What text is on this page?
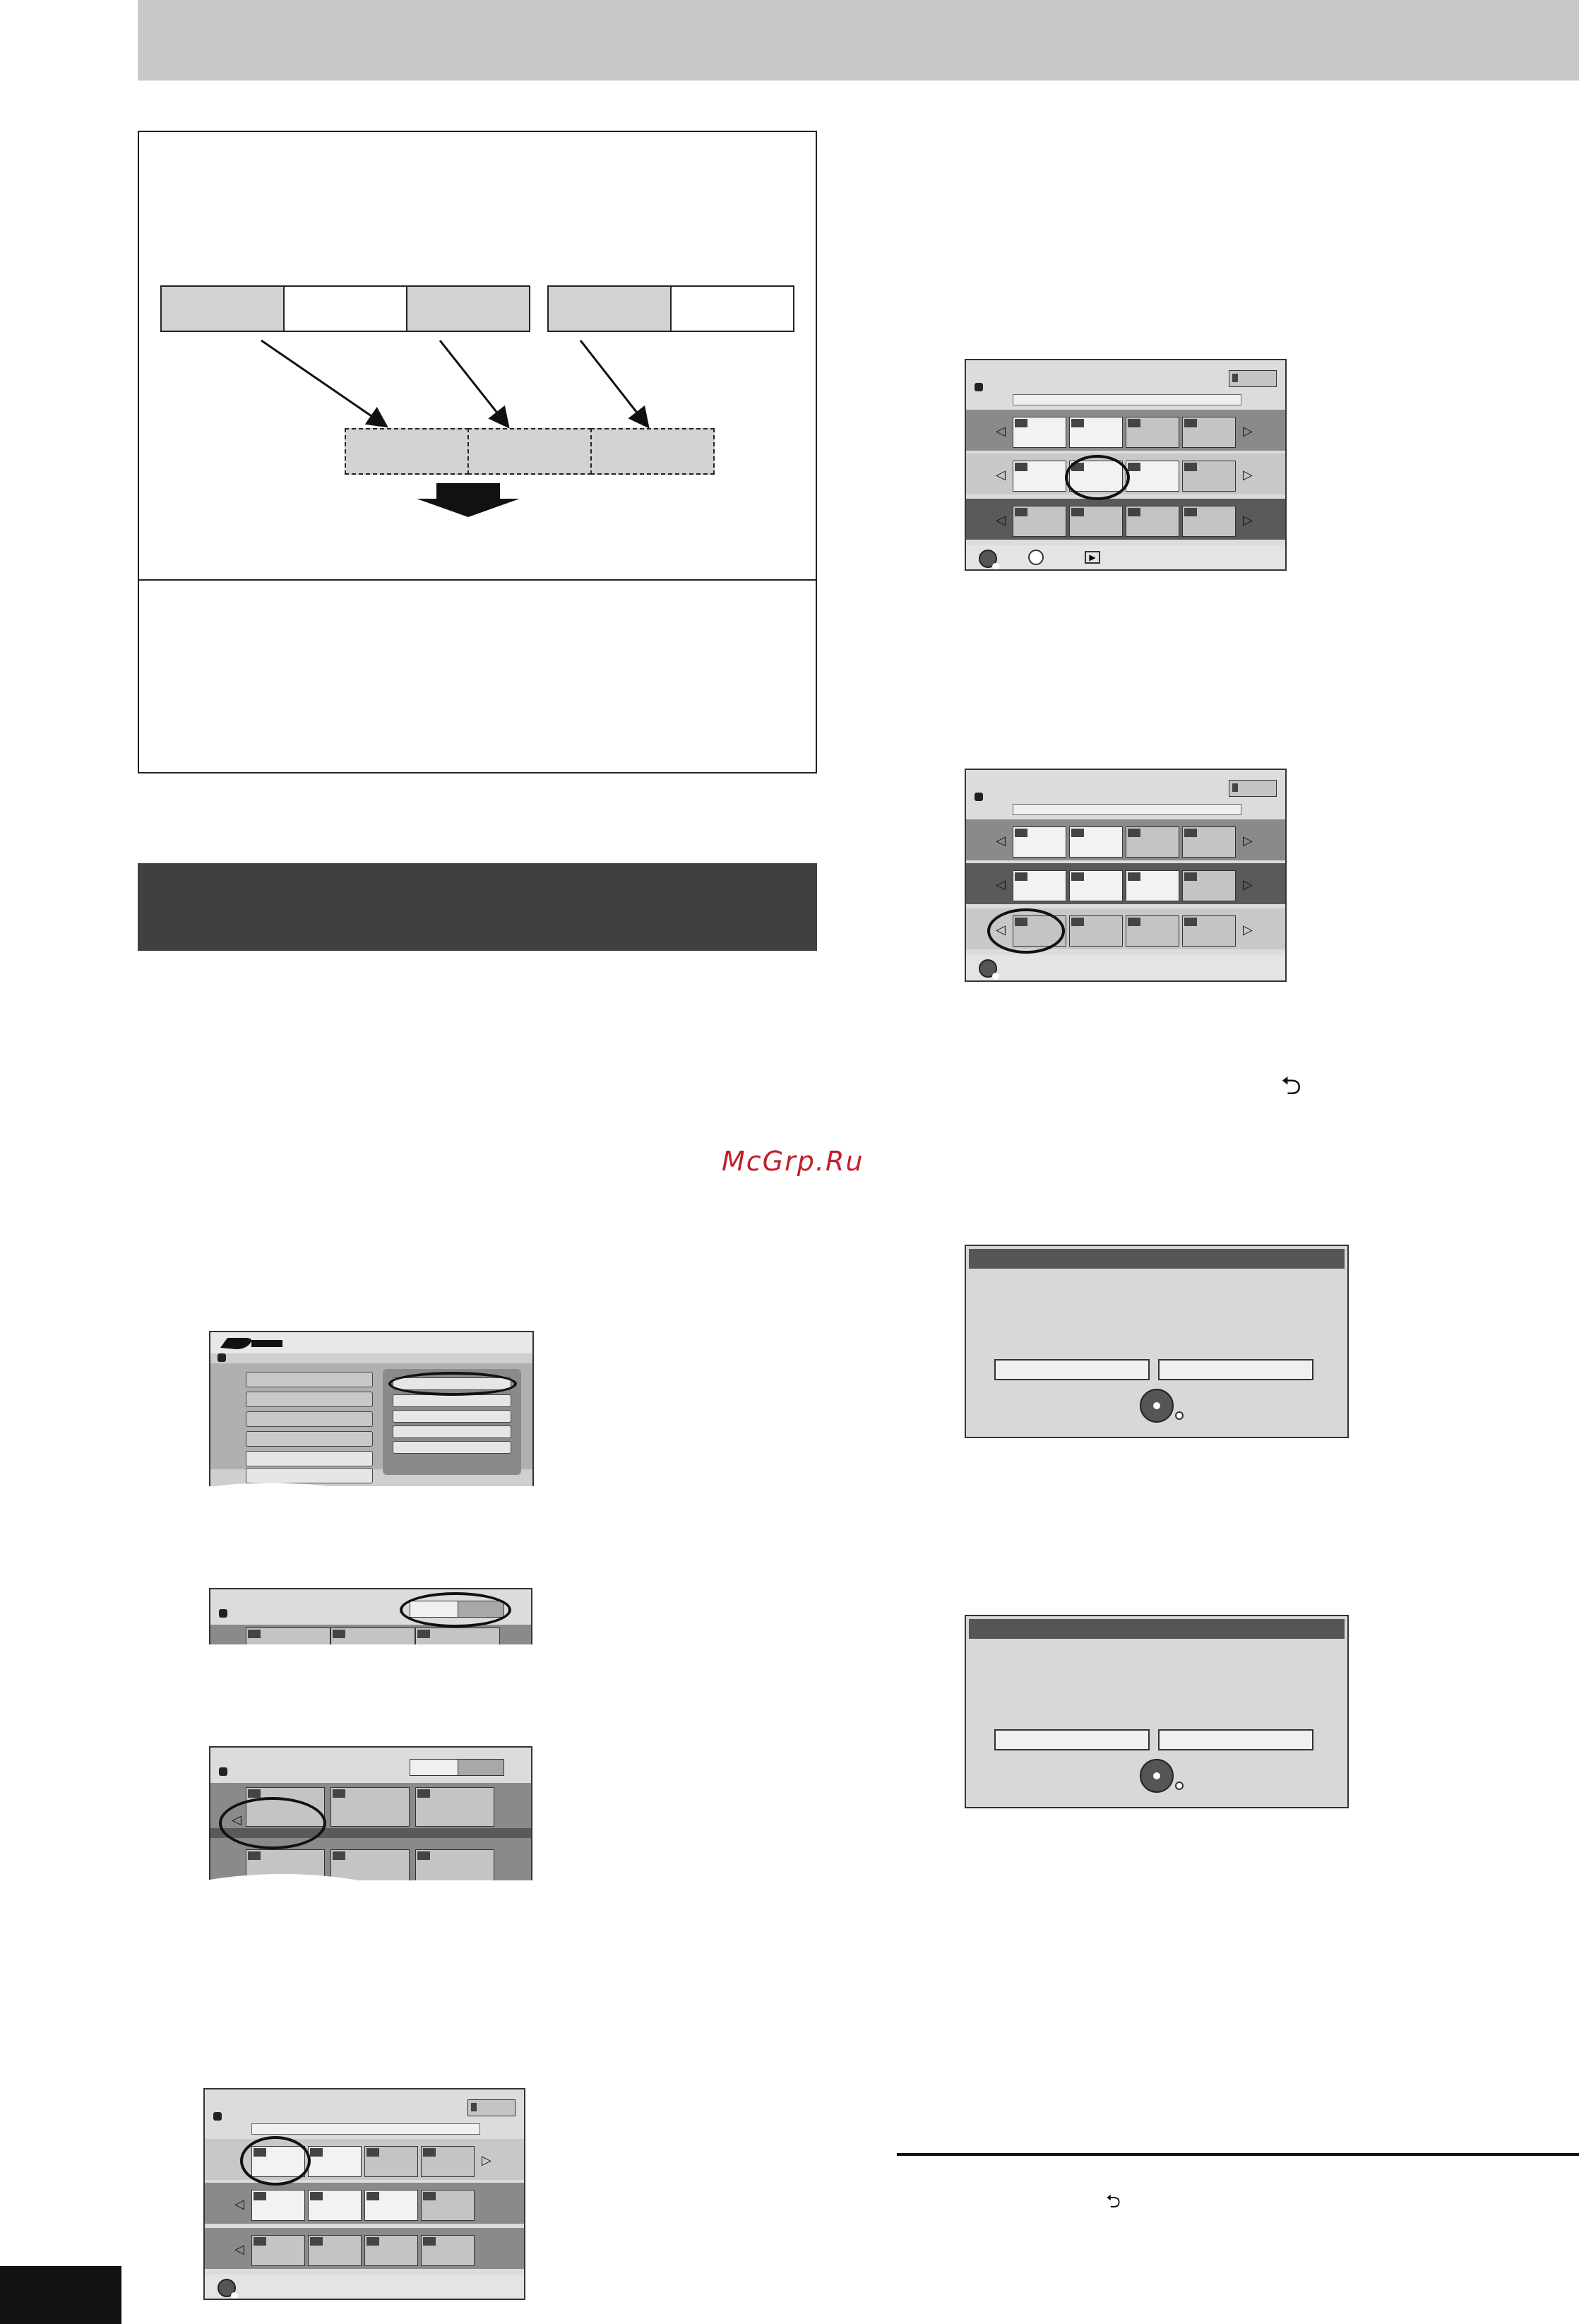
McGrp.Ru
◁
▷
◁
◁
◁	▷
◁	▷
◁	▷
▶
◁	▷
◁	▷
◁	▷
⮌
⮌
